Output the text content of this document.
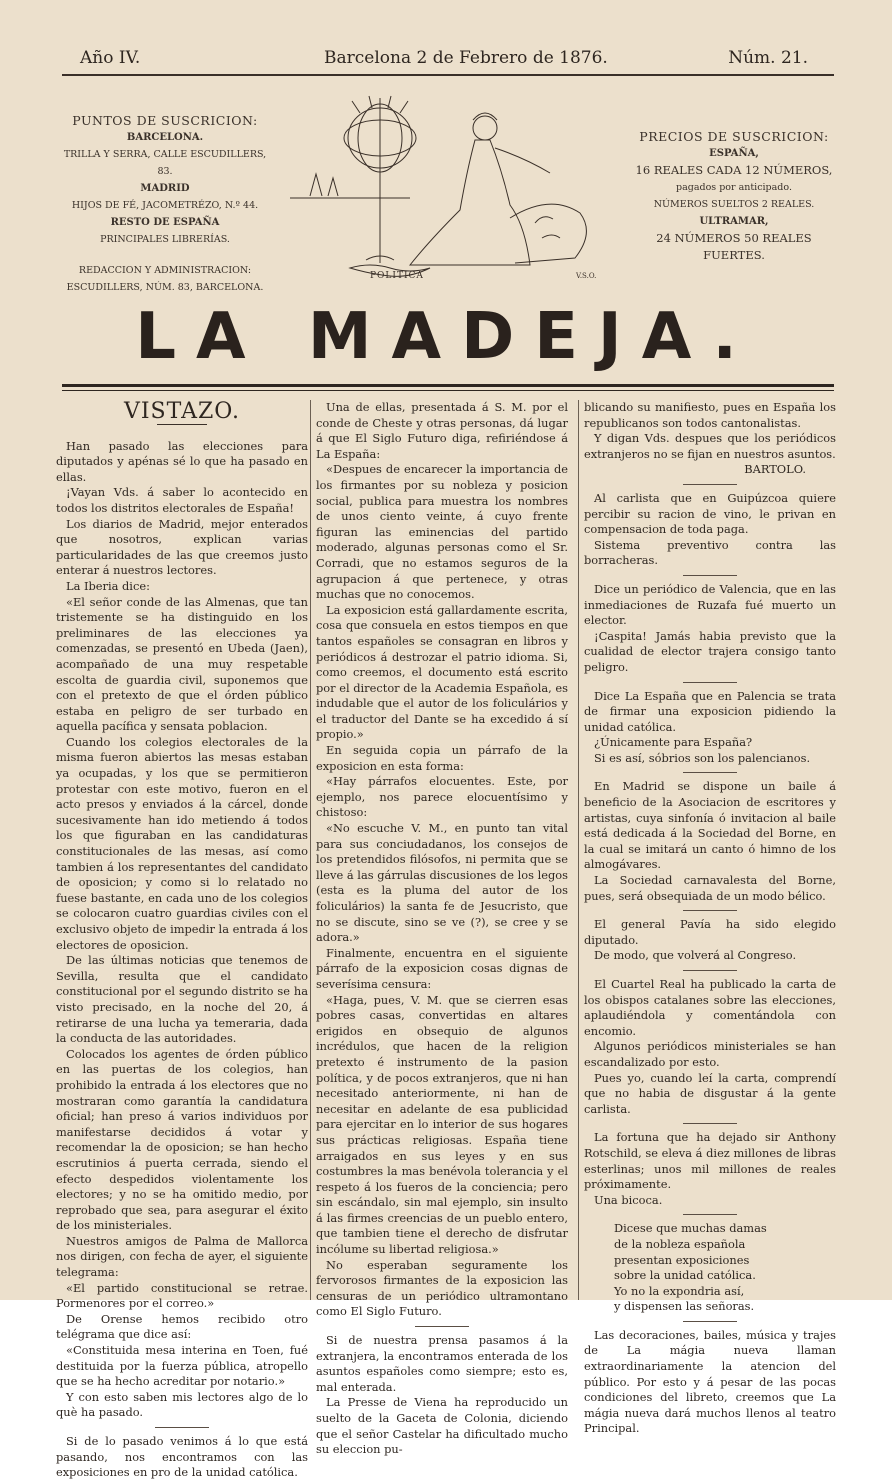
Año IV.	Barcelona 2 de Febrero de 1876.	Núm. 21.
PUNTOS DE SUSCRICION:
BARCELONA.
TRILLA Y SERRA, CALLE ESCUDILLERS, 83.
MADRID
HIJOS DE FÉ, JACOMETRÉZO, N.º 44.
RESTO DE ESPAÑA
PRINCIPALES LIBRERÍAS.
REDACCION Y ADMINISTRACION:
ESCUDILLERS, NÚM. 83, BARCELONA.
POLITICA	V.S.O.
PRECIOS DE SUSCRICION:
ESPAÑA,
16 REALES CADA 12 NÚMEROS,
pagados por anticipado.
NÚMEROS SUELTOS 2 REALES.
ULTRAMAR,
24 NÚMEROS 50 REALES FUERTES.
LA MADEJA.
VISTAZO.

Han pasado las elecciones para diputados y apénas sé lo que ha pasado en ellas.

¡Vayan Vds. á saber lo acontecido en todos los distritos electorales de España!

Los diarios de Madrid, mejor enterados que nosotros, explican varias particularidades de las que creemos justo enterar á nuestros lectores.

La Iberia dice:

«El señor conde de las Almenas, que tan tristemente se ha distinguido en los preliminares de las elecciones ya comenzadas, se presentó en Ubeda (Jaen), acompañado de una muy respetable escolta de guardia civil, suponemos que con el pretexto de que el órden público estaba en peligro de ser turbado en aquella pacífica y sensata poblacion.

Cuando los colegios electorales de la misma fueron abiertos las mesas estaban ya ocupadas, y los que se permitieron protestar con este motivo, fueron en el acto presos y enviados á la cárcel, donde sucesivamente han ido metiendo á todos los que figuraban en las candidaturas constitucionales de las mesas, así como tambien á los representantes del candidato de oposicion; y como si lo relatado no fuese bastante, en cada uno de los colegios se colocaron cuatro guardias civiles con el exclusivo objeto de impedir la entrada á los electores de oposicion.

De las últimas noticias que tenemos de Sevilla, resulta que el candidato constitucional por el segundo distrito se ha visto precisado, en la noche del 20, á retirarse de una lucha ya temeraria, dada la conducta de las autoridades.

Colocados los agentes de órden público en las puertas de los colegios, han prohibido la entrada á los electores que no mostraran como garantía la candidatura oficial; han preso á varios individuos por manifestarse decididos á votar y recomendar la de oposicion; se han hecho escrutinios á puerta cerrada, siendo el efecto despedidos violentamente los electores; y no se ha omitido medio, por reprobado que sea, para asegurar el éxito de los ministeriales.

Nuestros amigos de Palma de Mallorca nos dirigen, con fecha de ayer, el siguiente telegrama:

«El partido constitucional se retrae. Pormenores por el correo.»

De Orense hemos recibido otro telégrama que dice así:

«Constituida mesa interina en Toen, fué destituida por la fuerza pública, atropello que se ha hecho acreditar por notario.»

Y con esto saben mis lectores algo de lo què ha pasado.

Si de lo pasado venimos á lo que está pasando, nos encontramos con las exposiciones en pro de la unidad católica.

Una de ellas, presentada á S. M. por el conde de Cheste y otras personas, dá lugar á que El Siglo Futuro diga, refiriéndose á La España:

«Despues de encarecer la importancia de los firmantes por su nobleza y posicion social, publica para muestra los nombres de unos ciento veinte, á cuyo frente figuran las eminencias del partido moderado, algunas personas como el Sr. Corradi, que no estamos seguros de la agrupacion á que pertenece, y otras muchas que no conocemos.

La exposicion está gallardamente escrita, cosa que consuela en estos tiempos en que tantos españoles se consagran en libros y periódicos á destrozar el patrio idioma. Si, como creemos, el documento está escrito por el director de la Academia Española, es indudable que el autor de los foliculários y el traductor del Dante se ha excedido á sí propio.»

En seguida copia un párrafo de la exposicion en esta forma:

«Hay párrafos elocuentes. Este, por ejemplo, nos parece elocuentísimo y chistoso:

«No escuche V. M., en punto tan vital para sus conciudadanos, los consejos de los pretendidos filósofos, ni permita que se lleve á las gárrulas discusiones de los legos (esta es la pluma del autor de los foliculários) la santa fe de Jesucristo, que no se discute, sino se ve (?), se cree y se adora.»

Finalmente, encuentra en el siguiente párrafo de la exposicion cosas dignas de severísima censura:

«Haga, pues, V. M. que se cierren esas pobres casas, convertidas en altares erigidos en obsequio de algunos incrédulos, que hacen de la religion pretexto é instrumento de la pasion política, y de pocos extranjeros, que ni han necesitado anteriormente, ni han de necesitar en adelante de esa publicidad para ejercitar en lo interior de sus hogares sus prácticas religiosas. España tiene arraigados en sus leyes y en sus costumbres la mas benévola tolerancia y el respeto á los fueros de la conciencia; pero sin escándalo, sin mal ejemplo, sin insulto á las firmes creencias de un pueblo entero, que tambien tiene el derecho de disfrutar incólume su libertad religiosa.»

No esperaban seguramente los fervorosos firmantes de la exposicion las censuras de un periódico ultramontano como El Siglo Futuro.

Si de nuestra prensa pasamos á la extranjera, la encontramos enterada de los asuntos españoles como siempre; esto es, mal enterada.

La Presse de Viena ha reproducido un suelto de la Gaceta de Colonia, diciendo que el señor Castelar ha dificultado mucho su eleccion pu-

blicando su manifiesto, pues en España los republicanos son todos cantonalistas.

Y digan Vds. despues que los periódicos extranjeros no se fijan en nuestros asuntos.

BARTOLO.

Al carlista que en Guipúzcoa quiere percibir su racion de vino, le privan en compensacion de toda paga.

Sistema preventivo contra las borracheras.

Dice un periódico de Valencia, que en las inmediaciones de Ruzafa fué muerto un elector.

¡Caspita! Jamás habia previsto que la cualidad de elector trajera consigo tanto peligro.

Dice La España que en Palencia se trata de firmar una exposicion pidiendo la unidad católica.

¿Únicamente para España?

Si es así, sóbrios son los palencianos.

En Madrid se dispone un baile á beneficio de la Asociacion de escritores y artistas, cuya sinfonía ó invitacion al baile está dedicada á la Sociedad del Borne, en la cual se imitará un canto ó himno de los almogávares.

La Sociedad carnavalesta del Borne, pues, será obsequiada de un modo bélico.

El general Pavía ha sido elegido diputado.

De modo, que volverá al Congreso.

El Cuartel Real ha publicado la carta de los obispos catalanes sobre las elecciones, aplaudiéndola y comentándola con encomio.

Algunos periódicos ministeriales se han escandalizado por esto.

Pues yo, cuando leí la carta, comprendí que no habia de disgustar á la gente carlista.

La fortuna que ha dejado sir Anthony Rotschild, se eleva á diez millones de libras esterlinas; unos mil millones de reales próximamente.

Una bicoca.

Dicese que muchas damas

de la nobleza española

presentan exposiciones

sobre la unidad católica.

Yo no la expondria así,

y dispensen las señoras.

Las decoraciones, bailes, música y trajes de La mágia nueva llaman extraordinariamente la atencion del público. Por esto y á pesar de las pocas condiciones del libreto, creemos que La mágia nueva dará muchos llenos al teatro Principal.
